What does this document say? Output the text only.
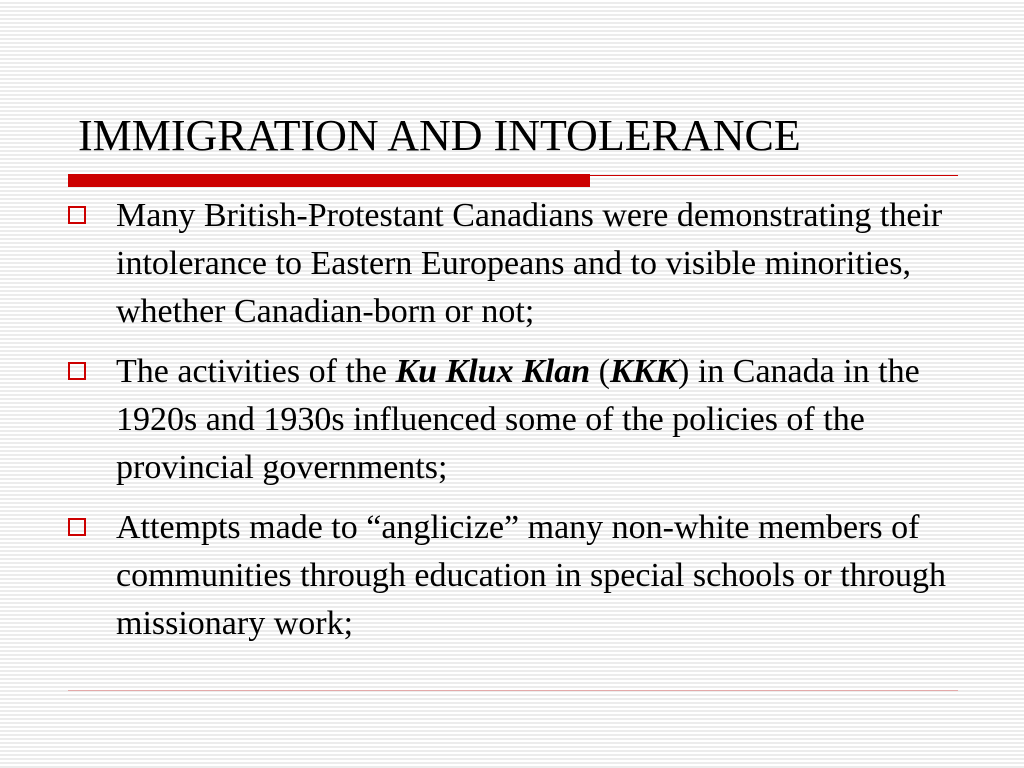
IMMIGRATION AND INTOLERANCE
Many British-Protestant Canadians were demonstrating their intolerance to Eastern Europeans and to visible minorities, whether Canadian-born or not;
The activities of the Ku Klux Klan (KKK) in Canada in the 1920s and 1930s influenced some of the policies of the provincial governments;
Attempts made to “anglicize” many non-white members of communities through education in special schools or through missionary work;
